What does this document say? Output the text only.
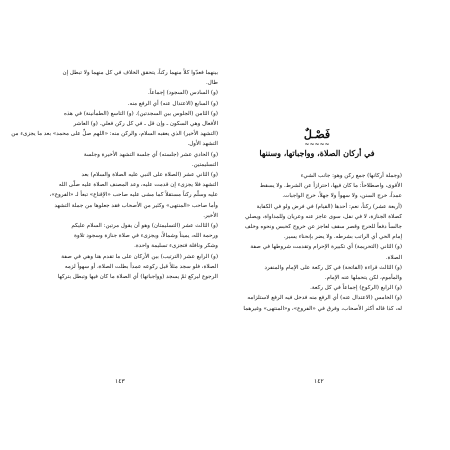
بينهما فعدّوا كلاً منهما ركناً، يتحقق الخلاف في كل منهما ولا تبطل إن
طال.
(و) السادس (السجود) إجماعاً.
(و) السابع (الاعتدال عنه) أي الرفع منه.
(و) الثامن (الجلوس بين السجدتين). (و) التاسع (الطمأنينة) في هذه
الأفعال وهي السكون ـ وإن قل ـ في كل ركن فعلي. (و) العاشر
(التشهد الأخير) الذي يعقبه السلام، والركن منه: «اللهم صلِّ على محمد» بعد ما يجزىء من
التشهد الأول.
(و) الحادي عشر (جلسته) أي جلسة التشهد الأخيرة وجلسة
التسليمتين.
(و) الثاني عشر (الصلاة على النبي عليه الصلاة والسلام) بعد
التشهد فلا يجزىء إن قدمت عليه، وعد المصنف الصلاة عليه صلّى الله
عليه وسلّم ركناً مستقلاً كما مشى عليه صاحب «الإقناع» تبعاً لـ «الفروع»،
وأما صاحب «المنتهى» وكثير من الأصحاب فقد جعلوها من جملة التشهد
الأخير.
(و) الثالث عشر (التسليمتان) وهو أن يقول مرتين: السلام عليكم
ورحمة الله، يميناً وشمالاً، ويجزىء في صلاة جنازة وسجود تلاوة
وشكر ونافلة فتجزىء تسليمة واحدة.
(و) الرابع عشر (الترتيب) بين الأركان على ما تقدم هنا وهي في صفة
الصلاة، فلو سجد مثلاً قبل ركوعه عمداً بطلت الصلاة، أو سهواً لزمه
الرجوع ليركع ثمّ يسجد (وواجباتها) أي الصلاة ما كان فيها وتبطل بتركها
١٤٣
فَصْـلٌ
~~~~~
في أركان الصلاة، وواجباتها، وسننها
(وجملة أركانها) جمع ركن وهو: جانب الشيء
الأقوى، واصطلاحاً: ما كان فيها، احترازاً عن الشرط. ولا يسقط
عمداً، خرج السنن، ولا سهواً ولا جهلاً، خرج الواجبات.
(أربعة عشر) ركناً، نعم: أحدها (القيام) في فرض ولو في الكفاية
كصلاة الجنازة، لا في نفل، سوى عاجز عنه وعريان وللمداواة، ويصلي
جالساً دفعاً للحرج وقصر سقف لعاجز عن خروج كحبس ونحوه وخلف
إمام الحي أي الراتب بشرطه. ولا يضر بإنحناء يسير.
(و) الثاني (التحريمة) أي تكبيرة الإحرام وتقدمت شروطها في صفة
الصلاة.
(و) الثالث قراءة (الفاتحة) في كل ركعة على الإمام والمنفرد
والمأموم، لكن يتحملها عنه الإمام.
(و) الرابع (الركوع) إجماعاً في كل ركعة.
(و) الخامس (الاعتدال عنه) أي الرفع منه فدخل فيه الرفع لاستلزامه
له، كذا قاله أكثر الأصحاب، وفرق في «الفروع»، و«المنتهى» وغيرهما
١٤٢
